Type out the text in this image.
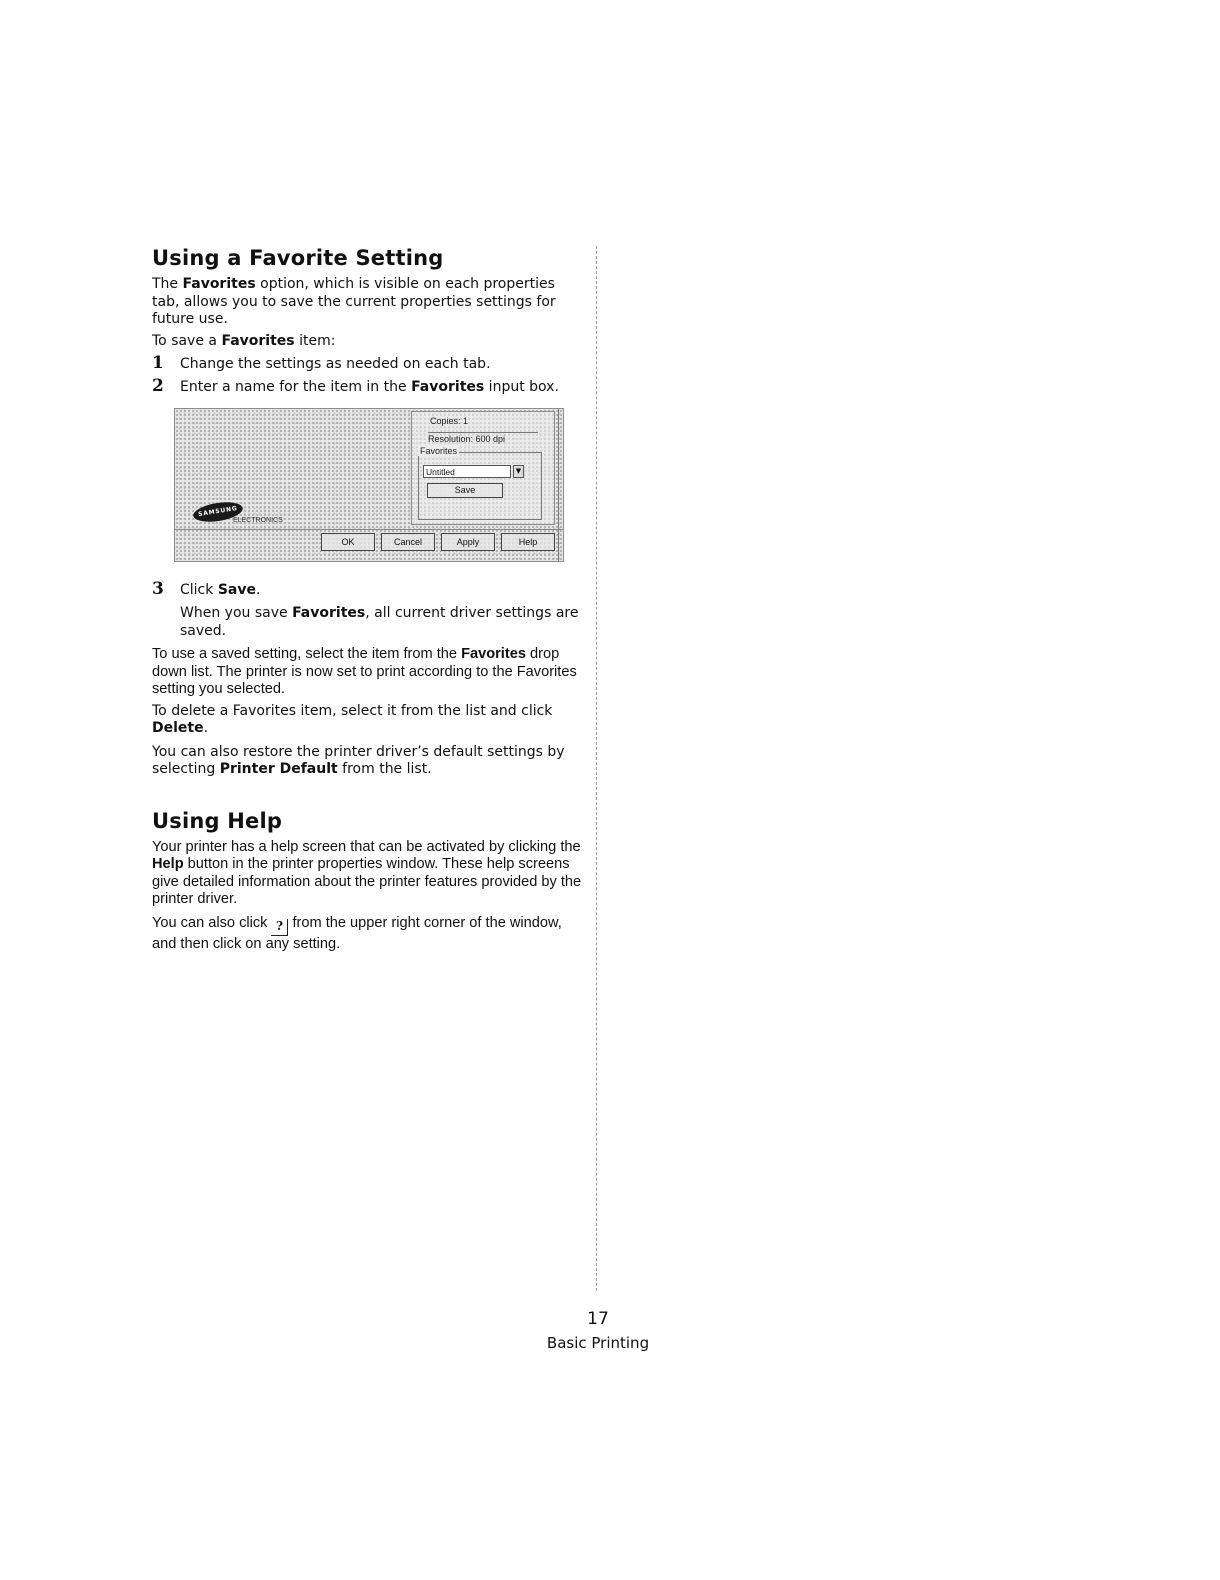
Using a Favorite Setting

The Favorites option, which is visible on each properties tab, allows you to save the current properties settings for future use.

To save a Favorites item:

1	Change the settings as needed on each tab.
2	Enter a name for the item in the Favorites input box.
Copies: 1
Resolution: 600 dpi
Untitled	▼
Save
Favorites
SAMSUNG
ELECTRONICS
OK	Cancel	Apply	Help
3	Click Save.

When you save Favorites, all current driver settings are saved.

To use a saved setting, select the item from the Favorites drop down list. The printer is now set to print according to the Favorites setting you selected.

To delete a Favorites item, select it from the list and click Delete.

You can also restore the printer driver’s default settings by selecting Printer Default from the list.

Using Help

Your printer has a help screen that can be activated by clicking the Help button in the printer properties window. These help screens give detailed information about the printer features provided by the printer driver.

You can also click ? from the upper right corner of the window, and then click on any setting.

17
Basic Printing
